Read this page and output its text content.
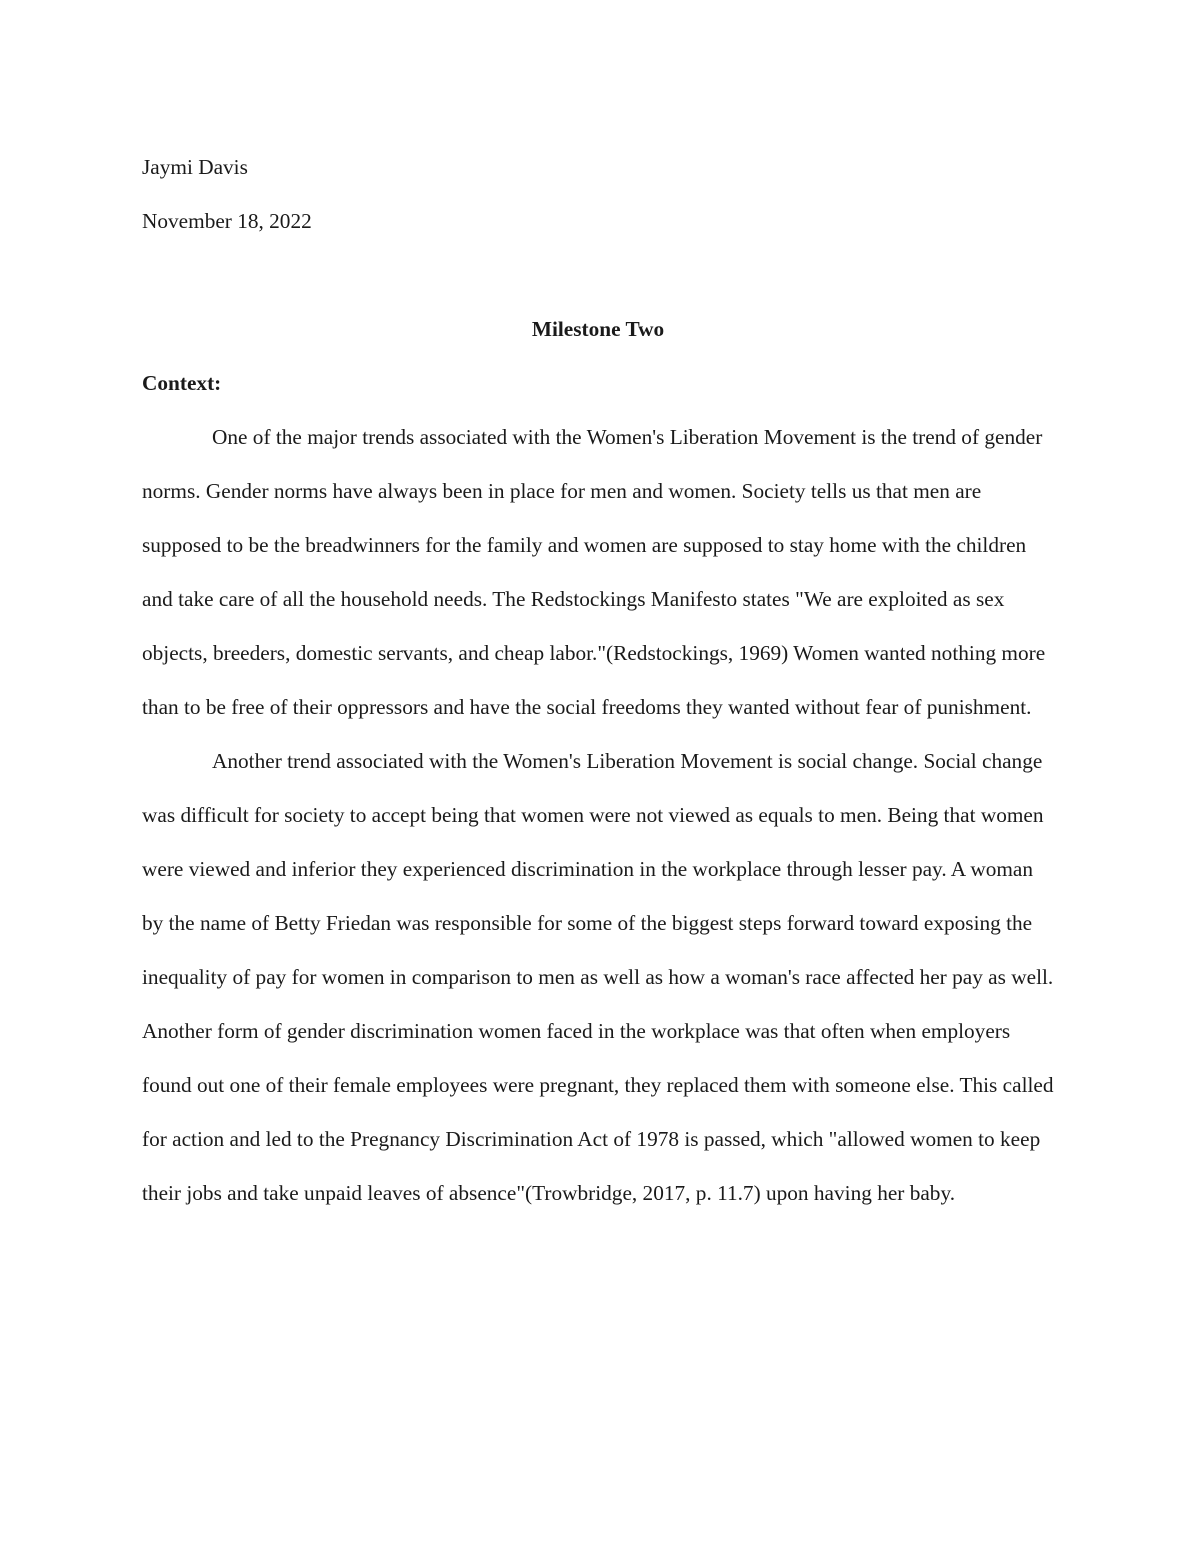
Jaymi Davis

November 18, 2022

Milestone Two

Context:

One of the major trends associated with the Women's Liberation Movement is the trend of gender norms. Gender norms have always been in place for men and women. Society tells us that men are supposed to be the breadwinners for the family and women are supposed to stay home with the children and take care of all the household needs. The Redstockings Manifesto states "We are exploited as sex objects, breeders, domestic servants, and cheap labor."(Redstockings, 1969) Women wanted nothing more than to be free of their oppressors and have the social freedoms they wanted without fear of punishment.

Another trend associated with the Women's Liberation Movement is social change. Social change was difficult for society to accept being that women were not viewed as equals to men. Being that women were viewed and inferior they experienced discrimination in the workplace through lesser pay. A woman by the name of Betty Friedan was responsible for some of the biggest steps forward toward exposing the inequality of pay for women in comparison to men as well as how a woman's race affected her pay as well. Another form of gender discrimination women faced in the workplace was that often when employers found out one of their female employees were pregnant, they replaced them with someone else. This called for action and led to the Pregnancy Discrimination Act of 1978 is passed, which "allowed women to keep their jobs and take unpaid leaves of absence"(Trowbridge, 2017, p. 11.7) upon having her baby.
